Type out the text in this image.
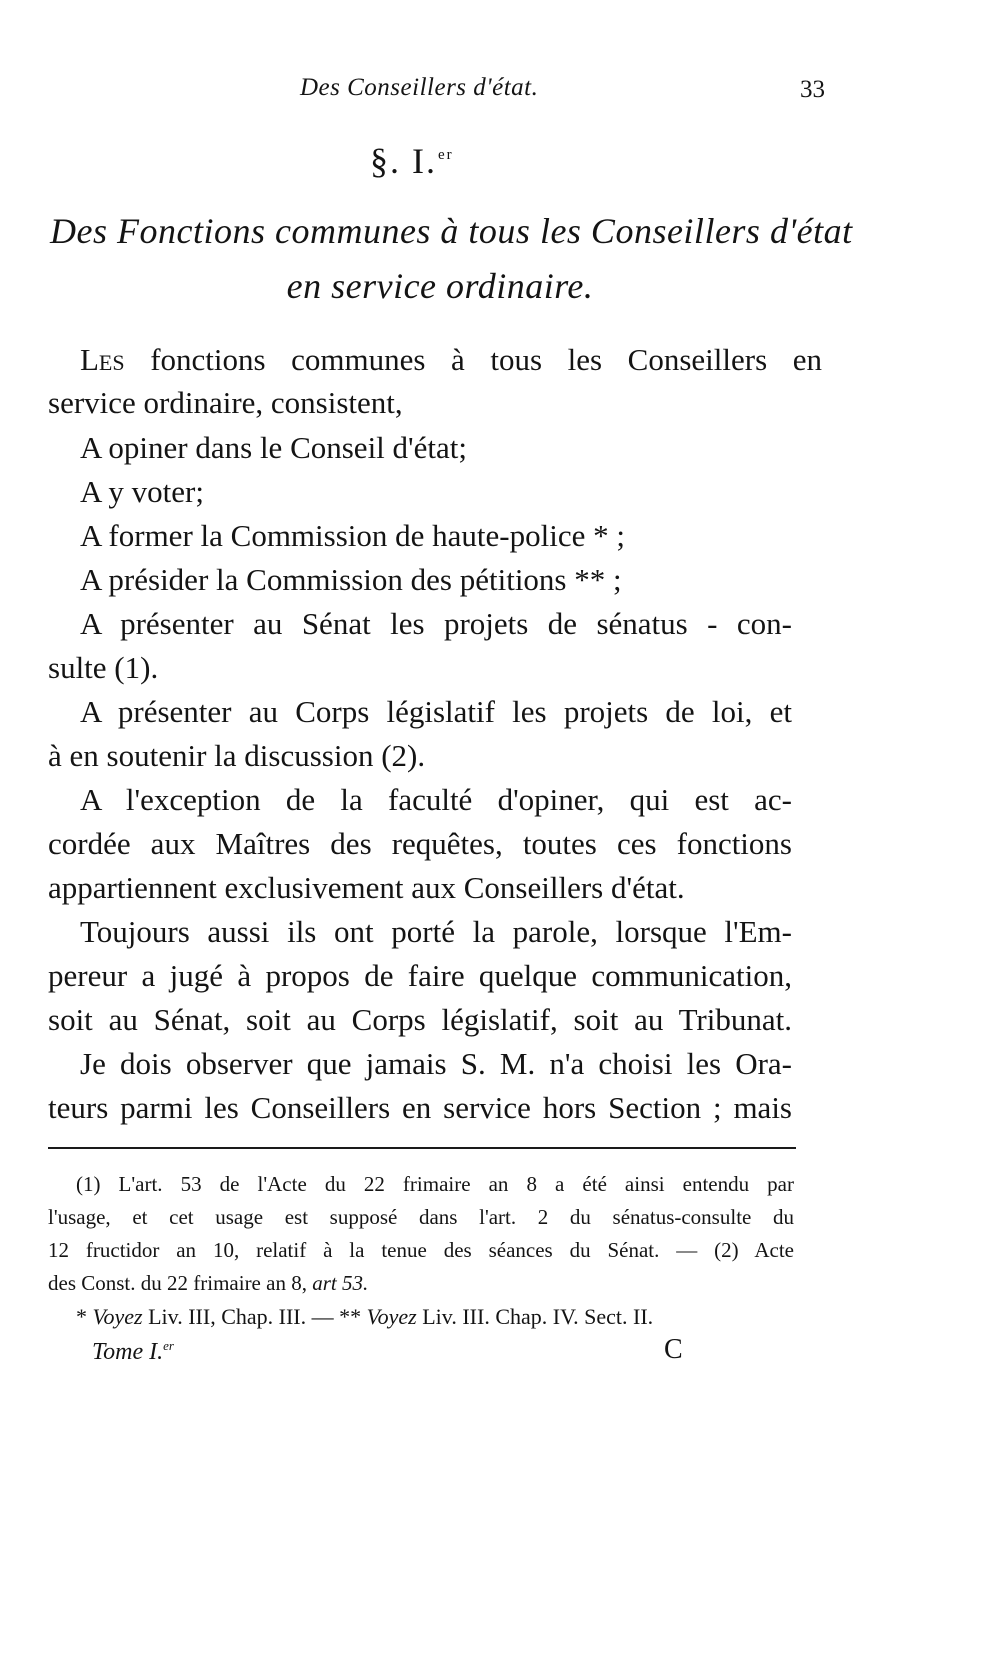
Des Conseillers d'état.	33
§. I.$^{er}$
Des Fonctions communes à tous les Conseillers d'état
en service ordinaire.
Les fonctions communes à tous les Conseillers en
service ordinaire, consistent,
A opiner dans le Conseil d'état;
A y voter;
A former la Commission de haute-police * ;
A présider la Commission des pétitions ** ;
A présenter au Sénat les projets de sénatus - con-
sulte (1).
A présenter au Corps législatif les projets de loi, et
à en soutenir la discussion (2).
A l'exception de la faculté d'opiner, qui est ac-
cordée aux Maîtres des requêtes, toutes ces fonctions
appartiennent exclusivement aux Conseillers d'état.
Toujours aussi ils ont porté la parole, lorsque l'Em-
pereur a jugé à propos de faire quelque communication,
soit au Sénat, soit au Corps législatif, soit au Tribunat.
Je dois observer que jamais S. M. n'a choisi les Ora-
teurs parmi les Conseillers en service hors Section ; mais
(1) L'art. 53 de l'Acte du 22 frimaire an 8 a été ainsi entendu par
l'usage, et cet usage est supposé dans l'art. 2 du sénatus-consulte du
12 fructidor an 10, relatif à la tenue des séances du Sénat. — (2) Acte
des Const. du 22 frimaire an 8, art 53.
* Voyez Liv. III, Chap. III. — ** Voyez Liv. III. Chap. IV. Sect. II.
Tome I.$^{er}$	C
